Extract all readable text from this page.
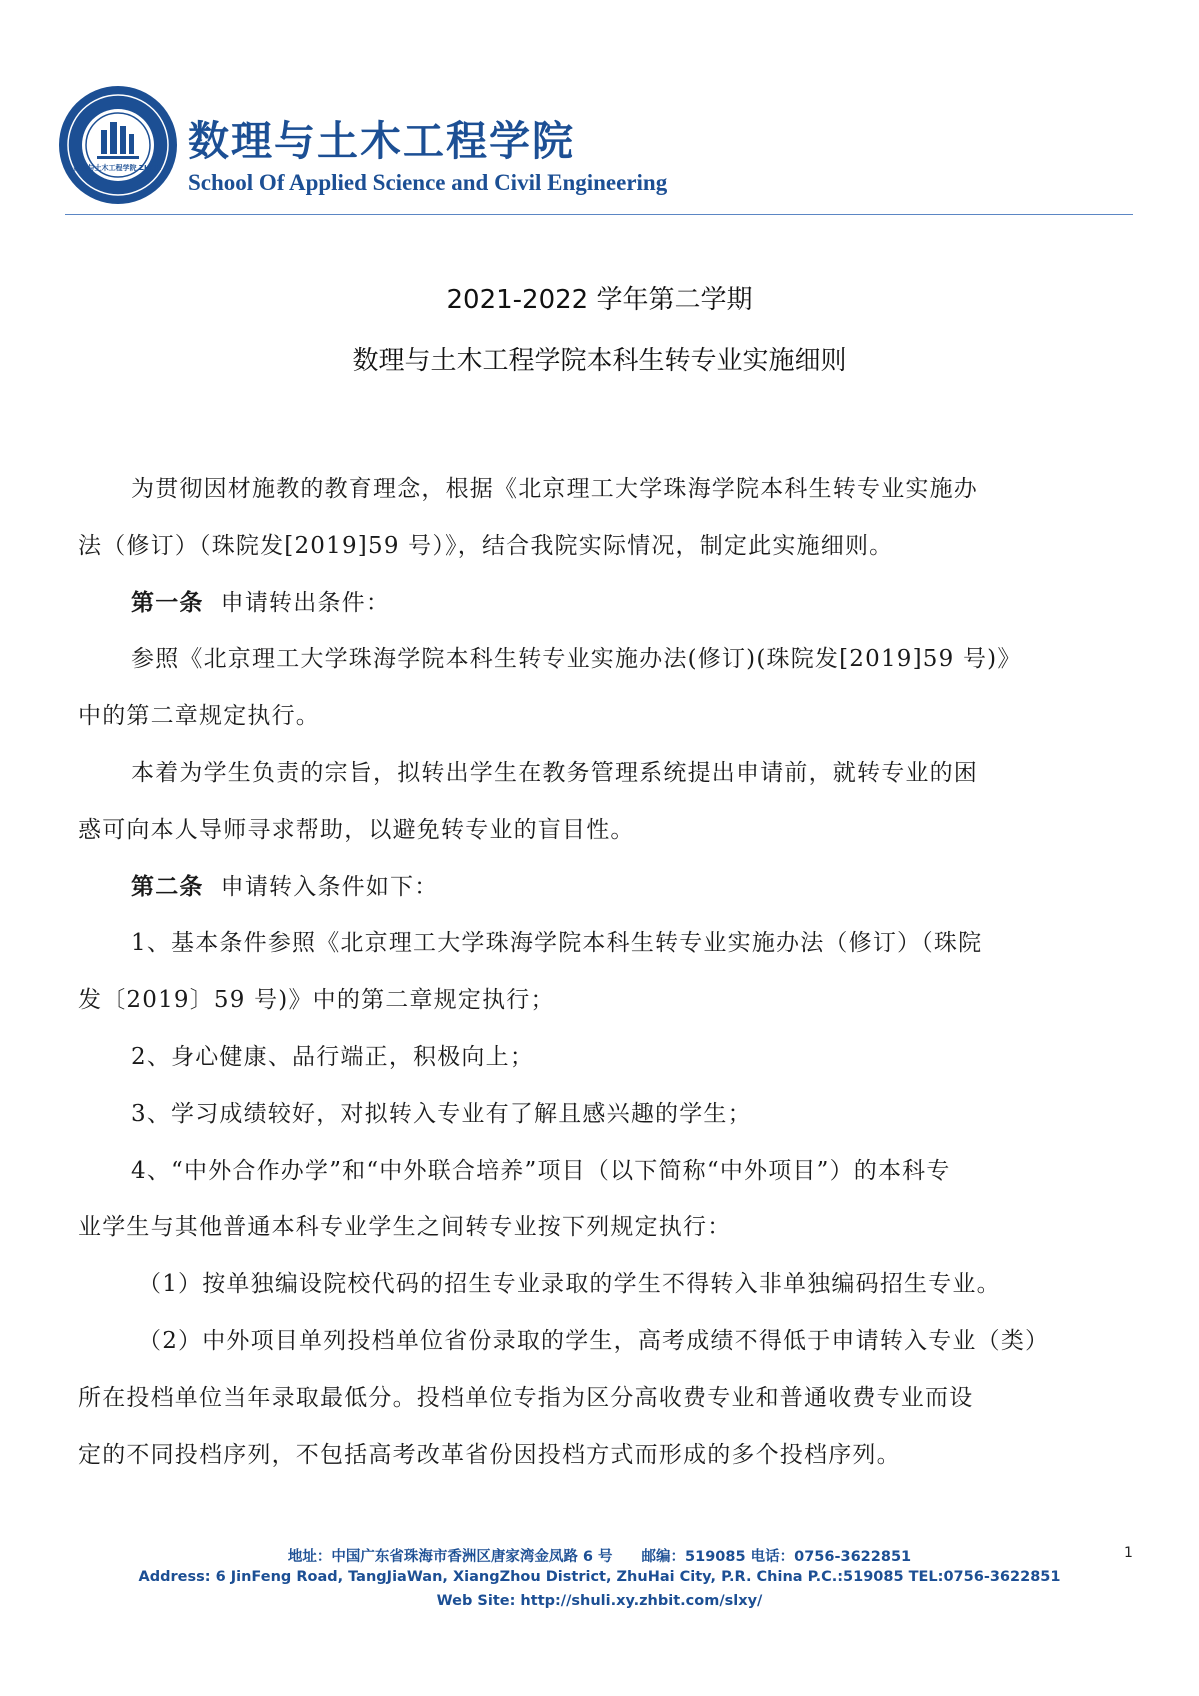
数理与土木工程学院 ZHBIT
数理与土木工程学院
School Of Applied Science and Civil Engineering
2021-2022 学年第二学期
数理与土木工程学院本科生转专业实施细则

为贯彻因材施教的教育理念，根据《北京理工大学珠海学院本科生转专业实施办

法（修订）（珠院发[2019]59 号）》，结合我院实际情况，制定此实施细则。

第一条 申请转出条件：

参照《北京理工大学珠海学院本科生转专业实施办法(修订)(珠院发[2019]59 号)》

中的第二章规定执行。

本着为学生负责的宗旨，拟转出学生在教务管理系统提出申请前，就转专业的困

惑可向本人导师寻求帮助，以避免转专业的盲目性。

第二条 申请转入条件如下：

1、基本条件参照《北京理工大学珠海学院本科生转专业实施办法（修订）（珠院

发〔2019〕59 号)》中的第二章规定执行；

2、身心健康、品行端正，积极向上；

3、学习成绩较好，对拟转入专业有了解且感兴趣的学生；

4、“中外合作办学”和“中外联合培养”项目（以下简称“中外项目”）的本科专

业学生与其他普通本科专业学生之间转专业按下列规定执行：

（1）按单独编设院校代码的招生专业录取的学生不得转入非单独编码招生专业。

（2）中外项目单列投档单位省份录取的学生，高考成绩不得低于申请转入专业（类）

所在投档单位当年录取最低分。投档单位专指为区分高收费专业和普通收费专业而设

定的不同投档序列，不包括高考改革省份因投档方式而形成的多个投档序列。

地址：中国广东省珠海市香洲区唐家湾金凤路 6 号　　邮编：519085 电话：0756-3622851
Address: 6 JinFeng Road, TangJiaWan, XiangZhou District, ZhuHai City, P.R. China P.C.:519085 TEL:0756-3622851
Web Site: http://shuli.xy.zhbit.com/slxy/
1
